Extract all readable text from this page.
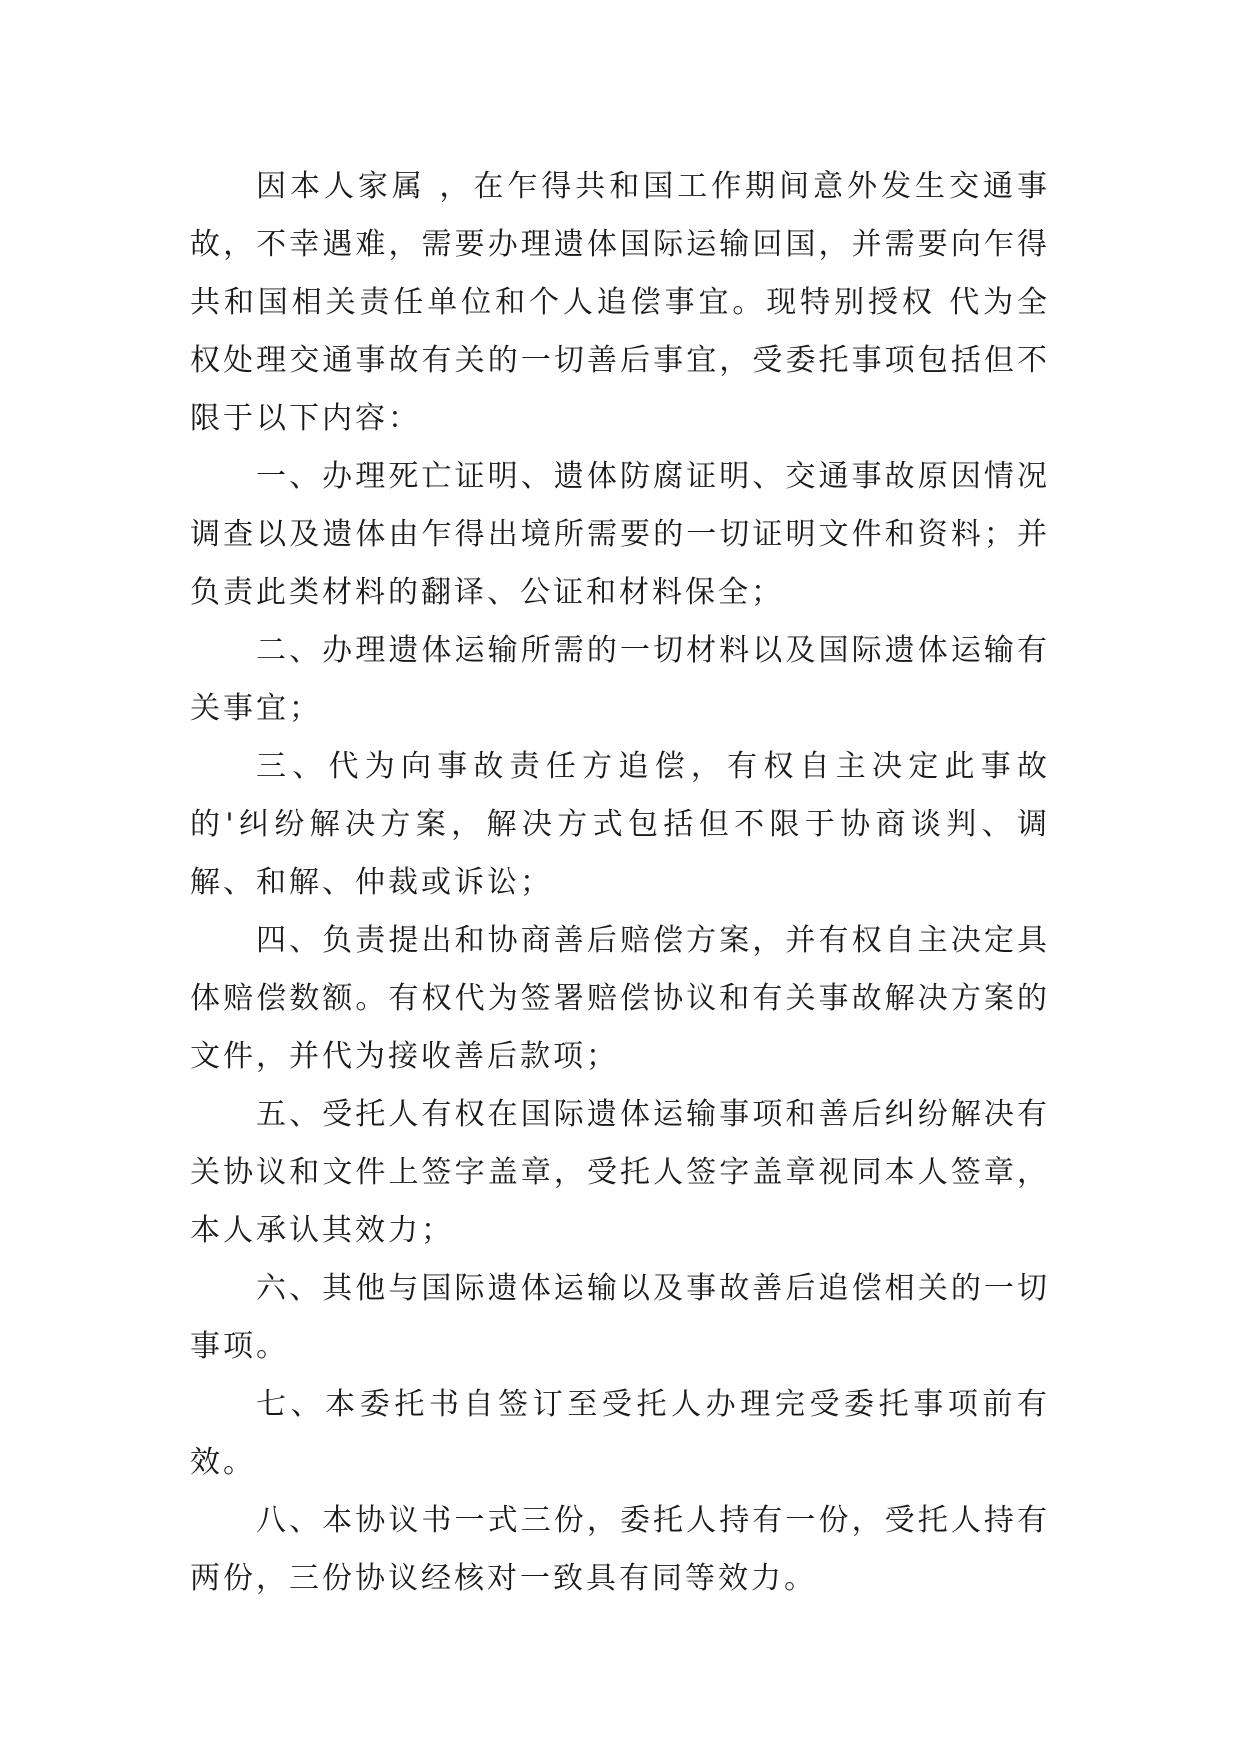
因本人家属 ，在乍得共和国工作期间意外发生交通事故，不幸遇难，需要办理遗体国际运输回国，并需要向乍得共和国相关责任单位和个人追偿事宜。现特别授权 代为全权处理交通事故有关的一切善后事宜，受委托事项包括但不限于以下内容：

一、办理死亡证明、遗体防腐证明、交通事故原因情况调查以及遗体由乍得出境所需要的一切证明文件和资料；并负责此类材料的翻译、公证和材料保全；

二、办理遗体运输所需的一切材料以及国际遗体运输有关事宜；

三、代为向事故责任方追偿，有权自主决定此事故的'纠纷解决方案，解决方式包括但不限于协商谈判、调解、和解、仲裁或诉讼；

四、负责提出和协商善后赔偿方案，并有权自主决定具体赔偿数额。有权代为签署赔偿协议和有关事故解决方案的文件，并代为接收善后款项；

五、受托人有权在国际遗体运输事项和善后纠纷解决有关协议和文件上签字盖章，受托人签字盖章视同本人签章，本人承认其效力；

六、其他与国际遗体运输以及事故善后追偿相关的一切事项。

七、本委托书自签订至受托人办理完受委托事项前有效。

八、本协议书一式三份，委托人持有一份，受托人持有两份，三份协议经核对一致具有同等效力。
